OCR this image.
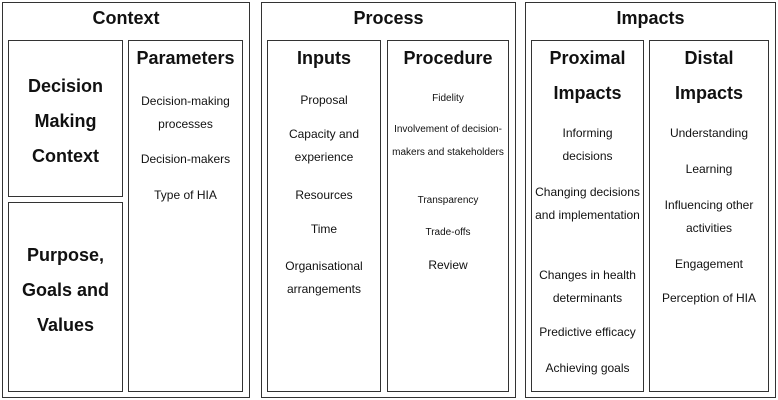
Context
Decision
Making
Context
Purpose,
Goals and
Values
Parameters
Decision-making processes
Decision-makers
Type of HIA
Process
Inputs
Proposal
Capacity and experience
Resources
Time
Organisational arrangements
Procedure
Fidelity
Involvement of decision-makers and stakeholders
Transparency
Trade-offs
Review
Impacts
Proximal Impacts
Informing decisions
Changing decisions and implementation
Changes in health determinants
Predictive efficacy
Achieving goals
Distal Impacts
Understanding
Learning
Influencing other activities
Engagement
Perception of HIA
